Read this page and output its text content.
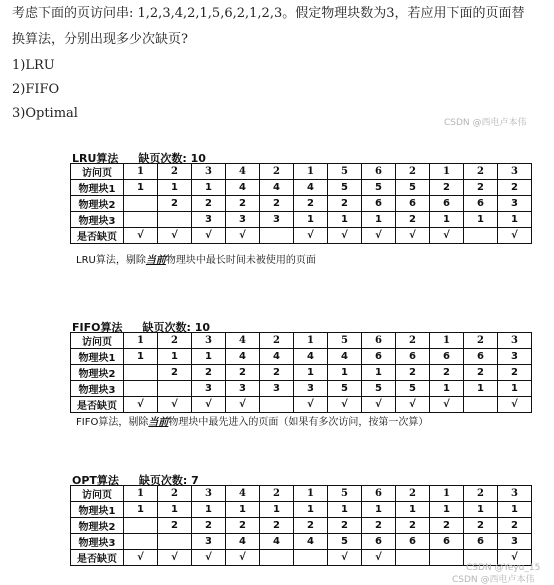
考虑下面的页访问串: 1,2,3,4,2,1,5,6,2,1,2,3。假定物理块数为3，若应用下面的页面替
换算法，分别出现多少次缺页?
1)LRU
2)FIFO
3)Optimal
CSDN @西电卢本伟
LRU算法 缺页次数: 10
访问页	1	2	3	4	2	1	5	6	2	1	2	3
物理块1	1	1	1	4	4	4	5	5	5	2	2	2
物理块2		2	2	2	2	2	2	6	6	6	6	3
物理块3			3	3	3	1	1	1	2	1	1	1
是否缺页	√	√	√	√		√	√	√	√	√		√
LRU算法，剔除当前物理块中最长时间未被使用的页面
FIFO算法 缺页次数: 10
访问页	1	2	3	4	2	1	5	6	2	1	2	3
物理块1	1	1	1	4	4	4	4	6	6	6	6	3
物理块2		2	2	2	2	1	1	1	2	2	2	2
物理块3			3	3	3	3	5	5	5	1	1	1
是否缺页	√	√	√	√		√	√	√	√	√		√
FIFO算法，剔除当前物理块中最先进入的页面（如果有多次访问，按第一次算）
OPT算法 缺页次数: 7
访问页	1	2	3	4	2	1	5	6	2	1	2	3
物理块1	1	1	1	1	1	1	1	1	1	1	1	1
物理块2		2	2	2	2	2	2	2	2	2	2	2
物理块3			3	4	4	4	5	6	6	6	6	3
是否缺页	√	√	√	√			√	√				√
CSDN @Yeyu_15
CSDN @西电卢本伟
